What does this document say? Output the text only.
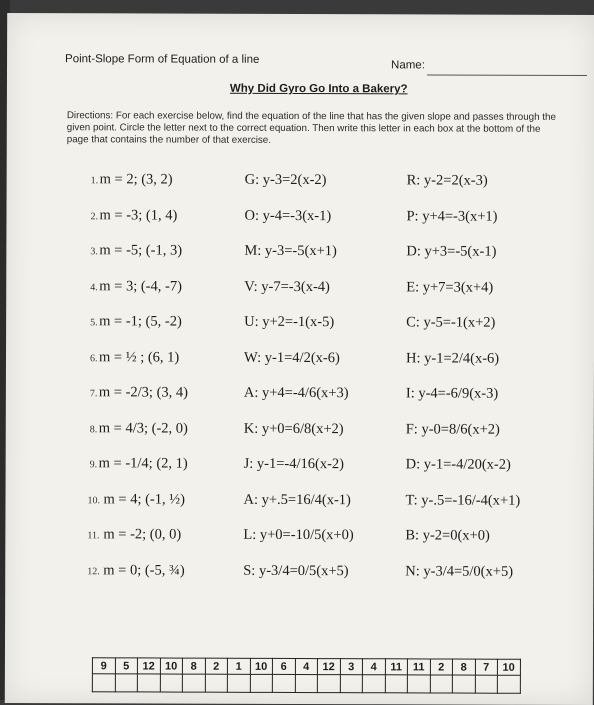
Point-Slope Form of Equation of a line	Name:
Why Did Gyro Go Into a Bakery?
Directions: For each exercise below, find the equation of the line that has the given slope and passes through the given point. Circle the letter next to the correct equation. Then write this letter in each box at the bottom of the page that contains the number of that exercise.
1. m = 2; (3, 2)	G: y-3=2(x-2)	R: y-2=2(x-3)
2. m = -3; (1, 4)	O: y-4=-3(x-1)	P: y+4=-3(x+1)
3. m = -5; (-1, 3)	M: y-3=-5(x+1)	D: y+3=-5(x-1)
4. m = 3; (-4, -7)	V: y-7=-3(x-4)	E: y+7=3(x+4)
5. m = -1; (5, -2)	U: y+2=-1(x-5)	C: y-5=-1(x+2)
6. m = ½ ; (6, 1)	W: y-1=4/2(x-6)	H: y-1=2/4(x-6)
7. m = -2/3; (3, 4)	A: y+4=-4/6(x+3)	I: y-4=-6/9(x-3)
8. m = 4/3; (-2, 0)	K: y+0=6/8(x+2)	F: y-0=8/6(x+2)
9. m = -1/4; (2, 1)	J: y-1=-4/16(x-2)	D: y-1=-4/20(x-2)
10. m = 4; (-1, ½)	A: y+.5=16/4(x-1)	T: y-.5=-16/-4(x+1)
11. m = -2; (0, 0)	L: y+0=-10/5(x+0)	B: y-2=0(x+0)
12. m = 0; (-5, ¾)	S: y-3/4=0/5(x+5)	N: y-3/4=5/0(x+5)
9	5	12	10	8	2	1	10	6	4	12	3	4	11	11	2	8	7	10
